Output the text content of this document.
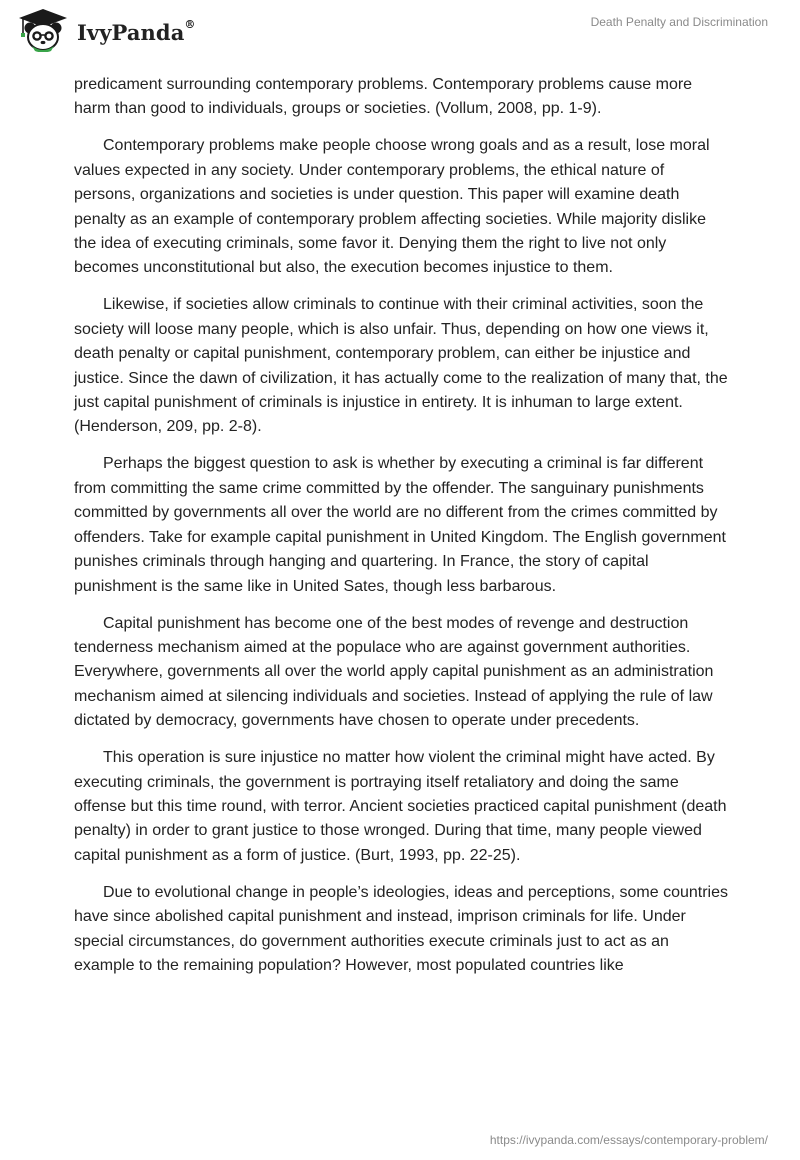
IvyPanda®	Death Penalty and Discrimination

predicament surrounding contemporary problems. Contemporary problems cause more harm than good to individuals, groups or societies. (Vollum, 2008, pp. 1-9).

Contemporary problems make people choose wrong goals and as a result, lose moral values expected in any society. Under contemporary problems, the ethical nature of persons, organizations and societies is under question. This paper will examine death penalty as an example of contemporary problem affecting societies. While majority dislike the idea of executing criminals, some favor it. Denying them the right to live not only becomes unconstitutional but also, the execution becomes injustice to them.

Likewise, if societies allow criminals to continue with their criminal activities, soon the society will loose many people, which is also unfair. Thus, depending on how one views it, death penalty or capital punishment, contemporary problem, can either be injustice and justice. Since the dawn of civilization, it has actually come to the realization of many that, the just capital punishment of criminals is injustice in entirety. It is inhuman to large extent. (Henderson, 209, pp. 2-8).

Perhaps the biggest question to ask is whether by executing a criminal is far different from committing the same crime committed by the offender. The sanguinary punishments committed by governments all over the world are no different from the crimes committed by offenders. Take for example capital punishment in United Kingdom. The English government punishes criminals through hanging and quartering. In France, the story of capital punishment is the same like in United Sates, though less barbarous.

Capital punishment has become one of the best modes of revenge and destruction tenderness mechanism aimed at the populace who are against government authorities. Everywhere, governments all over the world apply capital punishment as an administration mechanism aimed at silencing individuals and societies. Instead of applying the rule of law dictated by democracy, governments have chosen to operate under precedents.

This operation is sure injustice no matter how violent the criminal might have acted. By executing criminals, the government is portraying itself retaliatory and doing the same offense but this time round, with terror. Ancient societies practiced capital punishment (death penalty) in order to grant justice to those wronged. During that time, many people viewed capital punishment as a form of justice. (Burt, 1993, pp. 22-25).

Due to evolutional change in people’s ideologies, ideas and perceptions, some countries have since abolished capital punishment and instead, imprison criminals for life. Under special circumstances, do government authorities execute criminals just to act as an example to the remaining population? However, most populated countries like

https://ivypanda.com/essays/contemporary-problem/
